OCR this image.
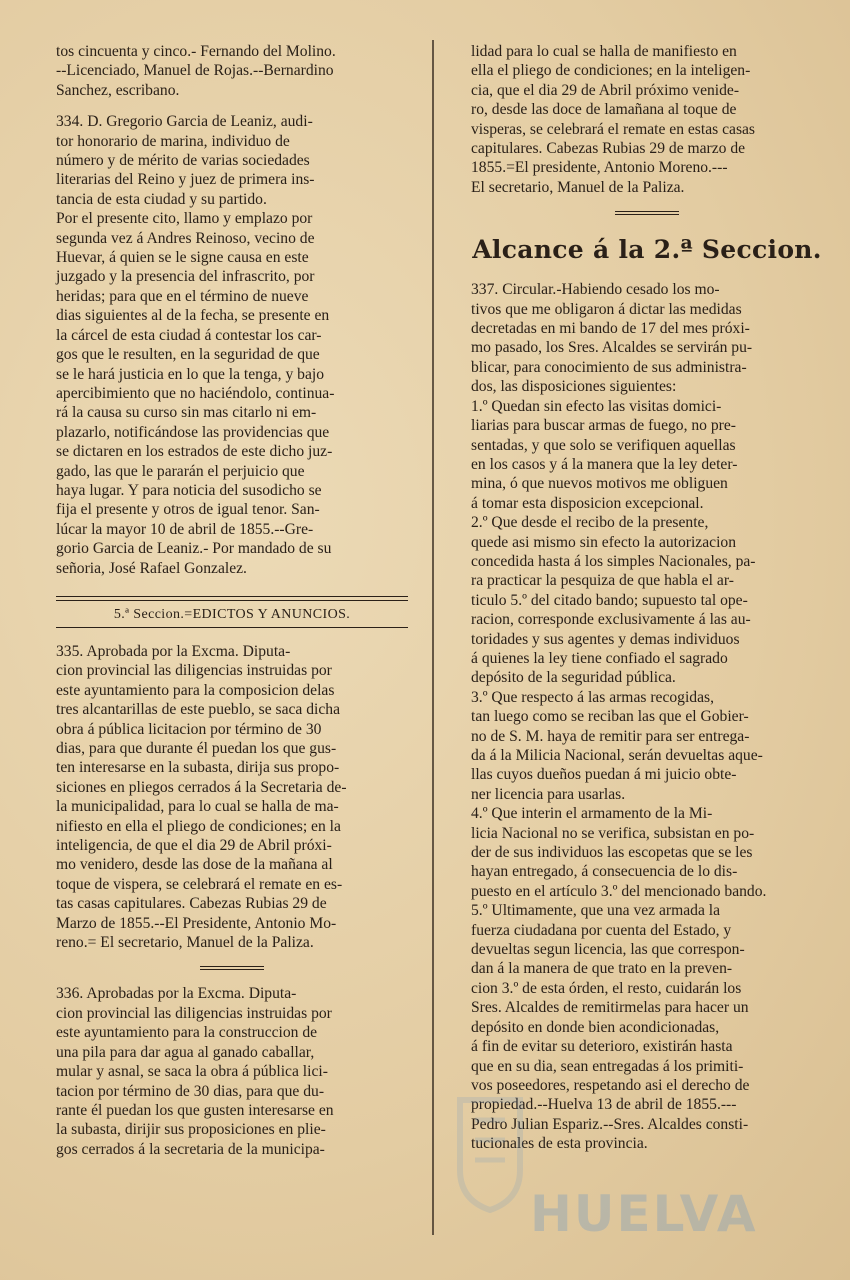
tos cincuenta y cinco.- Fernando del Molino.
--Licenciado, Manuel de Rojas.--Bernardino
Sanchez, escribano.

334. D. Gregorio Garcia de Leaniz, audi-
tor honorario de marina, individuo de
número y de mérito de varias sociedades
literarias del Reino y juez de primera ins-
tancia de esta ciudad y su partido.

Por el presente cito, llamo y emplazo por
segunda vez á Andres Reinoso, vecino de
Huevar, á quien se le signe causa en este
juzgado y la presencia del infrascrito, por
heridas; para que en el término de nueve
dias siguientes al de la fecha, se presente en
la cárcel de esta ciudad á contestar los car-
gos que le resulten, en la seguridad de que
se le hará justicia en lo que la tenga, y bajo
apercibimiento que no haciéndolo, continua-
rá la causa su curso sin mas citarlo ni em-
plazarlo, notificándose las providencias que
se dictaren en los estrados de este dicho juz-
gado, las que le pararán el perjuicio que
haya lugar. Y para noticia del susodicho se
fija el presente y otros de igual tenor. San-
lúcar la mayor 10 de abril de 1855.--Gre-
gorio Garcia de Leaniz.- Por mandado de su
señoria, José Rafael Gonzalez.

5.ª Seccion.=EDICTOS Y ANUNCIOS.

335. Aprobada por la Excma. Diputa-
cion provincial las diligencias instruidas por
este ayuntamiento para la composicion delas
tres alcantarillas de este pueblo, se saca dicha
obra á pública licitacion por término de 30
dias, para que durante él puedan los que gus-
ten interesarse en la subasta, dirija sus propo-
siciones en pliegos cerrados á la Secretaria de-
la municipalidad, para lo cual se halla de ma-
nifiesto en ella el pliego de condiciones; en la
inteligencia, de que el dia 29 de Abril próxi-
mo venidero, desde las dose de la mañana al
toque de vispera, se celebrará el remate en es-
tas casas capitulares. Cabezas Rubias 29 de
Marzo de 1855.--El Presidente, Antonio Mo-
reno.= El secretario, Manuel de la Paliza.

336. Aprobadas por la Excma. Diputa-
cion provincial las diligencias instruidas por
este ayuntamiento para la construccion de
una pila para dar agua al ganado caballar,
mular y asnal, se saca la obra á pública lici-
tacion por término de 30 dias, para que du-
rante él puedan los que gusten interesarse en
la subasta, dirijir sus proposiciones en plie-
gos cerrados á la secretaria de la municipa-

lidad para lo cual se halla de manifiesto en
ella el pliego de condiciones; en la inteligen-
cia, que el dia 29 de Abril próximo venide-
ro, desde las doce de lamañana al toque de
visperas, se celebrará el remate en estas casas
capitulares. Cabezas Rubias 29 de marzo de
1855.=El presidente, Antonio Moreno.---
El secretario, Manuel de la Paliza.

Alcance á la 2.ª Seccion.

337. Circular.-Habiendo cesado los mo-
tivos que me obligaron á dictar las medidas
decretadas en mi bando de 17 del mes próxi-
mo pasado, los Sres. Alcaldes se servirán pu-
blicar, para conocimiento de sus administra-
dos, las disposiciones siguientes:

1.º Quedan sin efecto las visitas domici-
liarias para buscar armas de fuego, no pre-
sentadas, y que solo se verifiquen aquellas
en los casos y á la manera que la ley deter-
mina, ó que nuevos motivos me obliguen
á tomar esta disposicion excepcional.

2.º Que desde el recibo de la presente,
quede asi mismo sin efecto la autorizacion
concedida hasta á los simples Nacionales, pa-
ra practicar la pesquiza de que habla el ar-
ticulo 5.º del citado bando; supuesto tal ope-
racion, corresponde exclusivamente á las au-
toridades y sus agentes y demas individuos
á quienes la ley tiene confiado el sagrado
depósito de la seguridad pública.

3.º Que respecto á las armas recogidas,
tan luego como se reciban las que el Gobier-
no de S. M. haya de remitir para ser entrega-
da á la Milicia Nacional, serán devueltas aque-
llas cuyos dueños puedan á mi juicio obte-
ner licencia para usarlas.

4.º Que interin el armamento de la Mi-
licia Nacional no se verifica, subsistan en po-
der de sus individuos las escopetas que se les
hayan entregado, á consecuencia de lo dis-
puesto en el artículo 3.º del mencionado bando.

5.º Ultimamente, que una vez armada la
fuerza ciudadana por cuenta del Estado, y
devueltas segun licencia, las que correspon-
dan á la manera de que trato en la preven-
cion 3.º de esta órden, el resto, cuidarán los
Sres. Alcaldes de remitirmelas para hacer un
depósito en donde bien acondicionadas,
á fin de evitar su deterioro, existirán hasta
que en su dia, sean entregadas á los primiti-
vos poseedores, respetando asi el derecho de
propiedad.--Huelva 13 de abril de 1855.---
Pedro Julian Espariz.--Sres. Alcaldes consti-
tucionales de esta provincia.

HUELVA
